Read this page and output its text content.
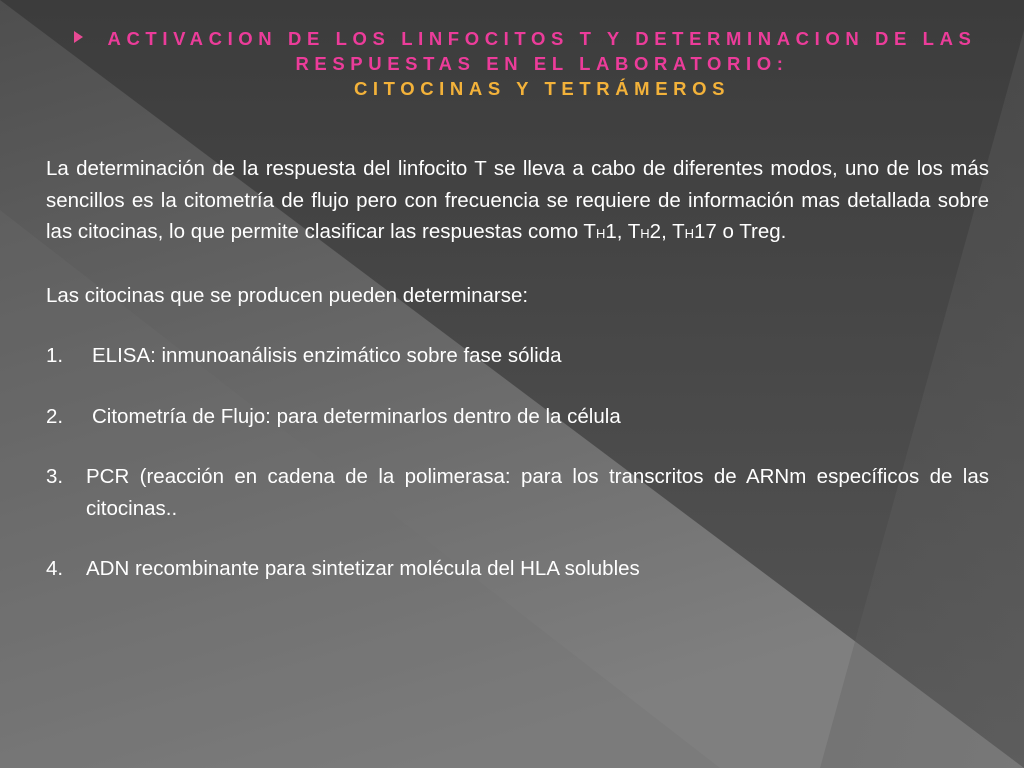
ACTIVACION DE LOS LINFOCITOS T Y DETERMINACION DE LAS
RESPUESTAS EN EL LABORATORIO:
CITOCINAS Y TETRÁMEROS

La determinación de la respuesta del linfocito T se lleva a cabo de diferentes modos, uno de los más sencillos es la citometría de flujo pero con frecuencia se requiere de información mas detallada sobre las citocinas, lo que permite clasificar las respuestas como TH1, TH2, TH17 o Treg.

Las citocinas que se producen pueden determinarse:

1. ELISA: inmunoanálisis enzimático sobre fase sólida

2. Citometría de Flujo: para determinarlos dentro de la célula

3. PCR (reacción en cadena de la polimerasa: para los transcritos de ARNm específicos de las citocinas..

4. ADN recombinante para sintetizar molécula del HLA solubles
